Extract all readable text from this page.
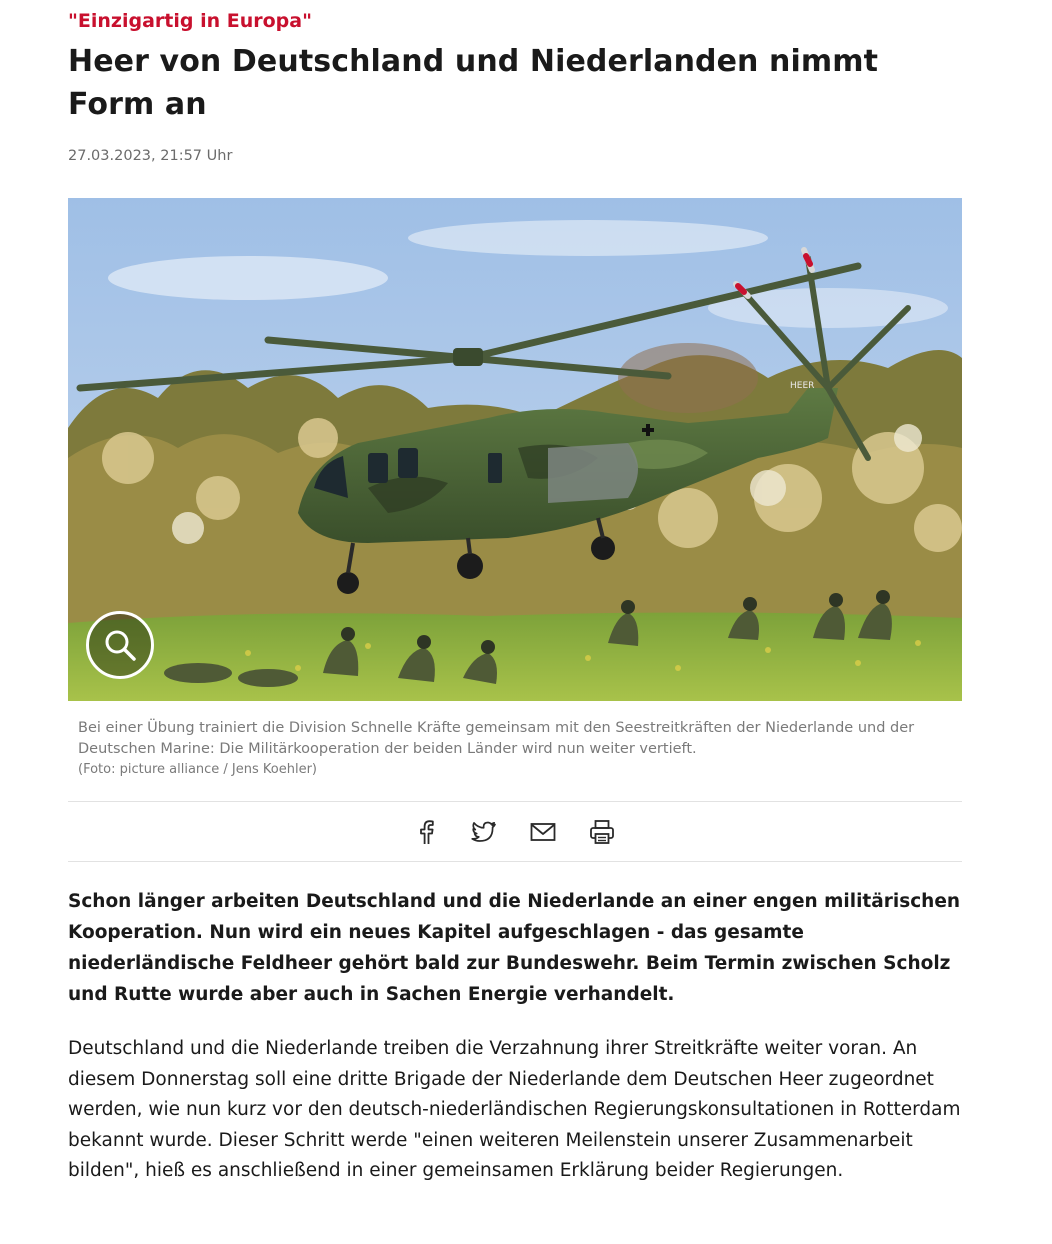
"Einzigartig in Europa"
Heer von Deutschland und Niederlanden nimmt Form an
27.03.2023, 21:57 Uhr
HEER
Bei einer Übung trainiert die Division Schnelle Kräfte gemeinsam mit den Seestreitkräften der Niederlande und der Deutschen Marine: Die Militärkooperation der beiden Länder wird nun weiter vertieft.
(Foto: picture alliance / Jens Koehler)

Schon länger arbeiten Deutschland und die Niederlande an einer engen militärischen Kooperation. Nun wird ein neues Kapitel aufgeschlagen - das gesamte niederländische Feldheer gehört bald zur Bundeswehr. Beim Termin zwischen Scholz und Rutte wurde aber auch in Sachen Energie verhandelt.

Deutschland und die Niederlande treiben die Verzahnung ihrer Streitkräfte weiter voran. An diesem Donnerstag soll eine dritte Brigade der Niederlande dem Deutschen Heer zugeordnet werden, wie nun kurz vor den deutsch-niederländischen Regierungskonsultationen in Rotterdam bekannt wurde. Dieser Schritt werde "einen weiteren Meilenstein unserer Zusammenarbeit bilden", hieß es anschließend in einer gemeinsamen Erklärung beider Regierungen.
